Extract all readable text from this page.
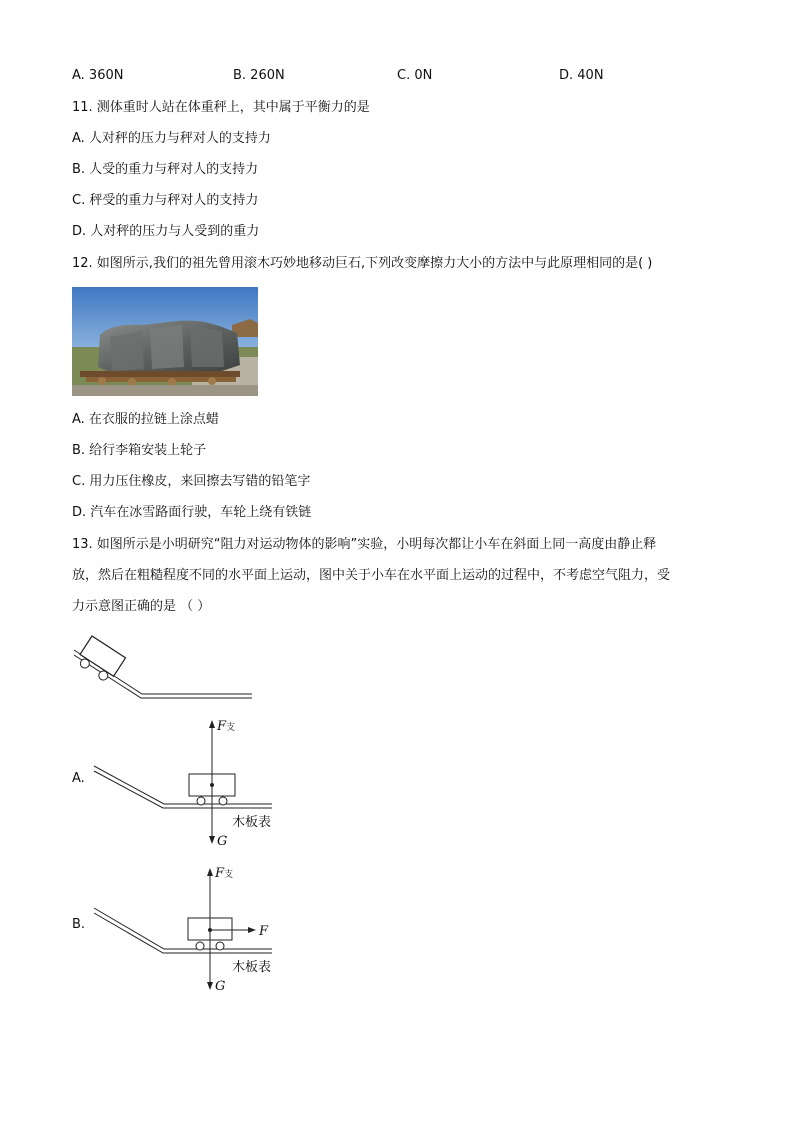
A. 360N	B. 260N	C. 0N	D. 40N
11. 测体重时人站在体重秤上，其中属于平衡力的是
A. 人对秤的压力与秤对人的支持力
B. 人受的重力与秤对人的支持力
C. 秤受的重力与秤对人的支持力
D. 人对秤的压力与人受到的重力
12. 如图所示,我们的祖先曾用滚木巧妙地移动巨石,下列改变摩擦力大小的方法中与此原理相同的是( )
A. 在衣服的拉链上涂点蜡
B. 给行李箱安装上轮子
C. 用力压住橡皮，来回擦去写错的铅笔字
D. 汽车在冰雪路面行驶，车轮上绕有铁链
13. 如图所示是小明研究“阻力对运动物体的影响”实验，小明每次都让小车在斜面上同一高度由静止释
放，然后在粗糙程度不同的水平面上运动，图中关于小车在水平面上运动的过程中，不考虑空气阻力，受
力示意图正确的是 （ ）
A.
F支
木板表
G
B.
F支
F
木板表
G
